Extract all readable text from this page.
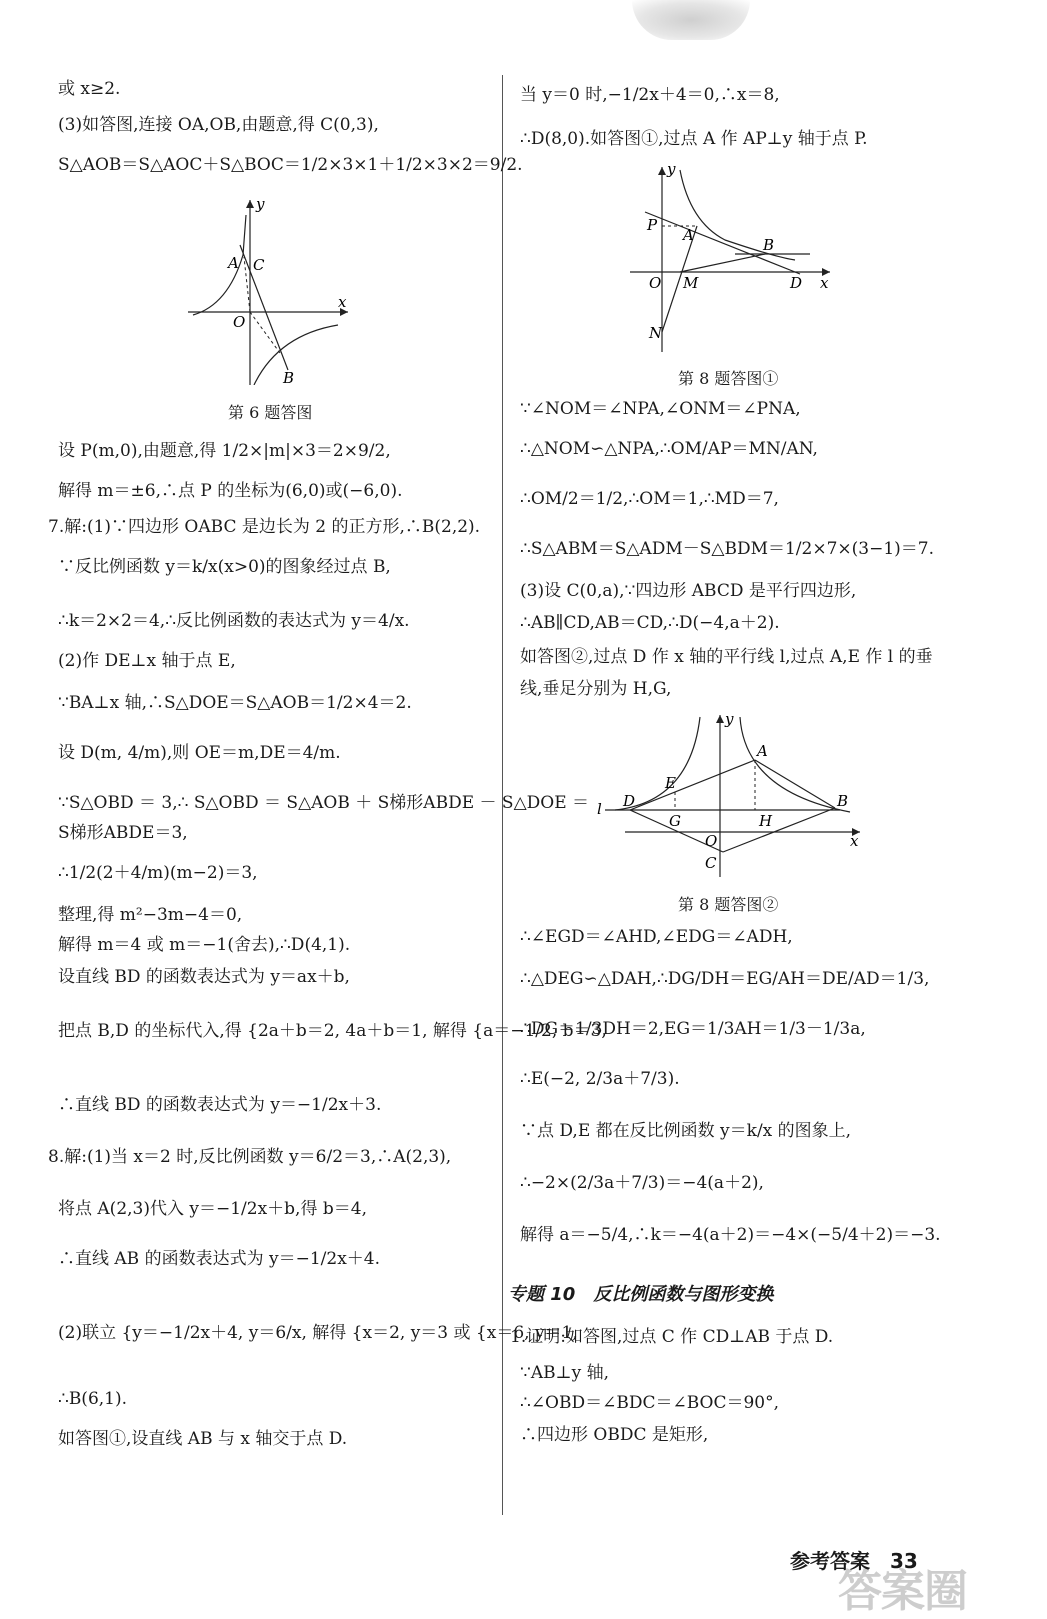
或 x≥2.
(3)如答图,连接 OA,OB,由题意,得 C(0,3),
S△AOB＝S△AOC＋S△BOC＝1/2×3×1＋1/2×3×2＝9/2.
y
x
A C
O
B
第 6 题答图
设 P(m,0),由题意,得 1/2×|m|×3＝2×9/2,
解得 m＝±6,∴点 P 的坐标为(6,0)或(−6,0).
7.解:(1)∵四边形 OABC 是边长为 2 的正方形,∴B(2,2).
∵反比例函数 y＝k/x(x>0)的图象经过点 B,
∴k＝2×2＝4,∴反比例函数的表达式为 y＝4/x.
(2)作 DE⊥x 轴于点 E,
∵BA⊥x 轴,∴S△DOE＝S△AOB＝1/2×4＝2.
设 D(m, 4/m),则 OE＝m,DE＝4/m.
∵S△OBD ＝ 3,∴ S△OBD ＝ S△AOB ＋ S梯形ABDE － S△DOE ＝
S梯形ABDE＝3,
∴1/2(2＋4/m)(m−2)＝3,
整理,得 m²−3m−4＝0,
解得 m＝4 或 m＝−1(舍去),∴D(4,1).
设直线 BD 的函数表达式为 y＝ax＋b,
把点 B,D 的坐标代入,得 {2a＋b＝2, 4a＋b＝1, 解得 {a＝−1/2, b＝3,
∴直线 BD 的函数表达式为 y＝−1/2x＋3.
8.解:(1)当 x＝2 时,反比例函数 y＝6/2＝3,∴A(2,3),
将点 A(2,3)代入 y＝−1/2x＋b,得 b＝4,
∴直线 AB 的函数表达式为 y＝−1/2x＋4.
(2)联立 {y＝−1/2x＋4, y＝6/x, 解得 {x＝2, y＝3 或 {x＝6, y＝1,
∴B(6,1).
如答图①,设直线 AB 与 x 轴交于点 D.
当 y＝0 时,−1/2x＋4＝0,∴x＝8,
∴D(8,0).如答图①,过点 A 作 AP⊥y 轴于点 P.
y
x
P
A
B
O M	D
N
第 8 题答图①
∵∠NOM＝∠NPA,∠ONM＝∠PNA,
∴△NOM∽△NPA,∴OM/AP＝MN/AN,
∴OM/2＝1/2,∴OM＝1,∴MD＝7,
∴S△ABM＝S△ADM－S△BDM＝1/2×7×(3−1)＝7.
(3)设 C(0,a),∵四边形 ABCD 是平行四边形,
∴AB∥CD,AB＝CD,∴D(−4,a＋2).
如答图②,过点 D 作 x 轴的平行线 l,过点 A,E 作 l 的垂
线,垂足分别为 H,G,
y
x
l D
E
A
B
G	H
O
C
第 8 题答图②
∴∠EGD＝∠AHD,∠EDG＝∠ADH,
∴△DEG∽△DAH,∴DG/DH＝EG/AH＝DE/AD＝1/3,
∴DG＝1/3DH＝2,EG＝1/3AH＝1/3－1/3a,
∴E(−2, 2/3a＋7/3).
∵点 D,E 都在反比例函数 y＝k/x 的图象上,
∴−2×(2/3a＋7/3)＝−4(a＋2),
解得 a＝−5/4,∴k＝−4(a＋2)＝−4×(−5/4＋2)＝−3.
专题 10　反比例函数与图形变换
1.证明:如答图,过点 C 作 CD⊥AB 于点 D.
∵AB⊥y 轴,
∴∠OBD＝∠BDC＝∠BOC＝90°,
∴四边形 OBDC 是矩形,
参考答案　33
答案圈
